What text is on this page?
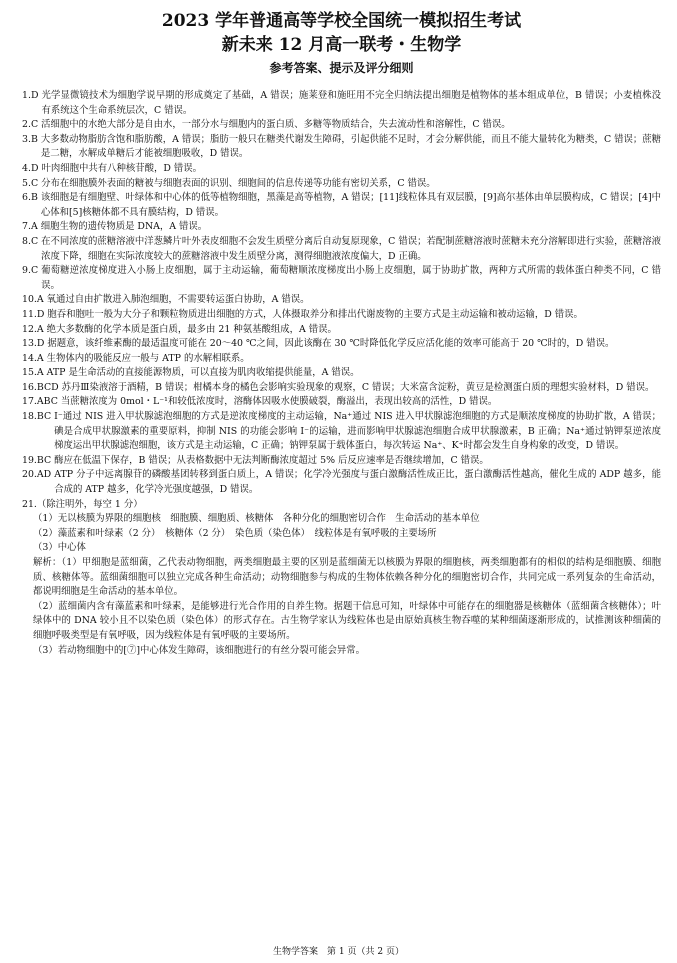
2023 学年普通高等学校全国统一模拟招生考试
新未来 12 月高一联考・生物学
参考答案、提示及评分细则
1.D
光学显微镜技术为细胞学说早期的形成奠定了基础，A 错误；施莱登和施旺用不完全归纳法提出细胞是植物体的基本组成单位，B 错误；小麦植株没有系统这个生命系统层次，C 错误。
2.C
活细胞中的水绝大部分是自由水，一部分水与细胞内的蛋白质、多糖等物质结合，失去流动性和溶解性，C 错误。
3.B
大多数动物脂肪含饱和脂肪酸，A 错误；脂肪一般只在糖类代谢发生障碍，引起供能不足时，才会分解供能，而且不能大量转化为糖类，C 错误；蔗糖是二糖，水解成单糖后才能被细胞吸收，D 错误。
4.D
叶肉细胞中共有八种核苷酸，D 错误。
5.C
分布在细胞膜外表面的糖被与细胞表面的识别、细胞间的信息传递等功能有密切关系，C 错误。
6.B
该细胞是有细胞壁、叶绿体和中心体的低等植物细胞，黑藻是高等植物，A 错误；[11]线粒体具有双层膜，[9]高尔基体由单层膜构成，C 错误；[4]中心体和[5]核糖体都不具有膜结构，D 错误。
7.A
细胞生物的遗传物质是 DNA，A 错误。
8.C
在不同浓度的蔗糖溶液中洋葱鳞片叶外表皮细胞不会发生质壁分离后自动复原现象，C 错误；若配制蔗糖溶液时蔗糖未充分溶解即进行实验，蔗糖溶液浓度下降，细胞在实际浓度较大的蔗糖溶液中发生质壁分离，测得细胞液浓度偏大，D 正确。
9.C
葡萄糖逆浓度梯度进入小肠上皮细胞，属于主动运输，葡萄糖顺浓度梯度出小肠上皮细胞，属于协助扩散，两种方式所需的载体蛋白种类不同，C 错误。
10.A
氧通过自由扩散进入肺泡细胞，不需要转运蛋白协助，A 错误。
11.D
胞吞和胞吐一般为大分子和颗粒物质进出细胞的方式，人体摄取养分和排出代谢废物的主要方式是主动运输和被动运输，D 错误。
12.A
绝大多数酶的化学本质是蛋白质，最多由 21 种氨基酸组成，A 错误。
13.D
据题意，该纤维素酶的最适温度可能在 20～40 ℃之间，因此该酶在 30 ℃时降低化学反应活化能的效率可能高于 20 ℃时的，D 错误。
14.A
生物体内的吸能反应一般与 ATP 的水解相联系。
15.A
ATP 是生命活动的直接能源物质，可以直接为肌肉收缩提供能量，A 错误。
16.BCD
苏丹Ⅲ染液溶于酒精，B 错误；柑橘本身的橘色会影响实验现象的观察，C 错误；大米富含淀粉，黄豆是检测蛋白质的理想实验材料，D 错误。
17.ABC
当蔗糖浓度为 0mol・L⁻¹和较低浓度时，溶酶体因吸水使膜破裂，酶溢出，表现出较高的活性，D 错误。
18.BC
I⁻通过 NIS 进入甲状腺滤泡细胞的方式是逆浓度梯度的主动运输，Na⁺通过 NIS 进入甲状腺滤泡细胞的方式是顺浓度梯度的协助扩散，A 错误；碘是合成甲状腺激素的重要原料，抑制 NIS 的功能会影响 I⁻的运输，进而影响甲状腺滤泡细胞合成甲状腺激素，B 正确；Na⁺通过钠钾泵逆浓度梯度运出甲状腺滤泡细胞，该方式是主动运输，C 正确；钠钾泵属于载体蛋白，每次转运 Na⁺、K⁺时都会发生自身构象的改变，D 错误。
19.BC
酶应在低温下保存，B 错误；从表格数据中无法判断酶浓度超过 5% 后反应速率是否继续增加，C 错误。
20.AD
ATP 分子中远离腺苷的磷酸基团转移到蛋白质上，A 错误；化学冷光强度与蛋白激酶活性成正比，蛋白激酶活性越高，催化生成的 ADP 越多，能合成的 ATP 越多，化学冷光强度越强，D 错误。
21. （除注明外，每空 1 分）
（1）无以核膜为界限的细胞核　细胞膜、细胞质、核糖体　各种分化的细胞密切合作　生命活动的基本单位
（2）藻蓝素和叶绿素（2 分）　核糖体（2 分）　染色质（染色体）　线粒体是有氧呼吸的主要场所
（3）中心体
解析：（1）甲细胞是蓝细菌，乙代表动物细胞，两类细胞最主要的区别是蓝细菌无以核膜为界限的细胞核，两类细胞都有的相似的结构是细胞膜、细胞质、核糖体等。蓝细菌细胞可以独立完成各种生命活动；动物细胞参与构成的生物体依赖各种分化的细胞密切合作，共同完成一系列复杂的生命活动，都说明细胞是生命活动的基本单位。
（2）蓝细菌内含有藻蓝素和叶绿素，是能够进行光合作用的自养生物。据题干信息可知，叶绿体中可能存在的细胞器是核糖体（蓝细菌含核糖体）；叶绿体中的 DNA 较小且不以染色质（染色体）的形式存在。古生物学家认为线粒体也是由原始真核生物吞噬的某种细菌逐渐形成的，试推测该种细菌的细胞呼吸类型是有氧呼吸，因为线粒体是有氧呼吸的主要场所。
（3）若动物细胞中的[⑦]中心体发生障碍，该细胞进行的有丝分裂可能会异常。
生物学答案　第 1 页（共 2 页）
